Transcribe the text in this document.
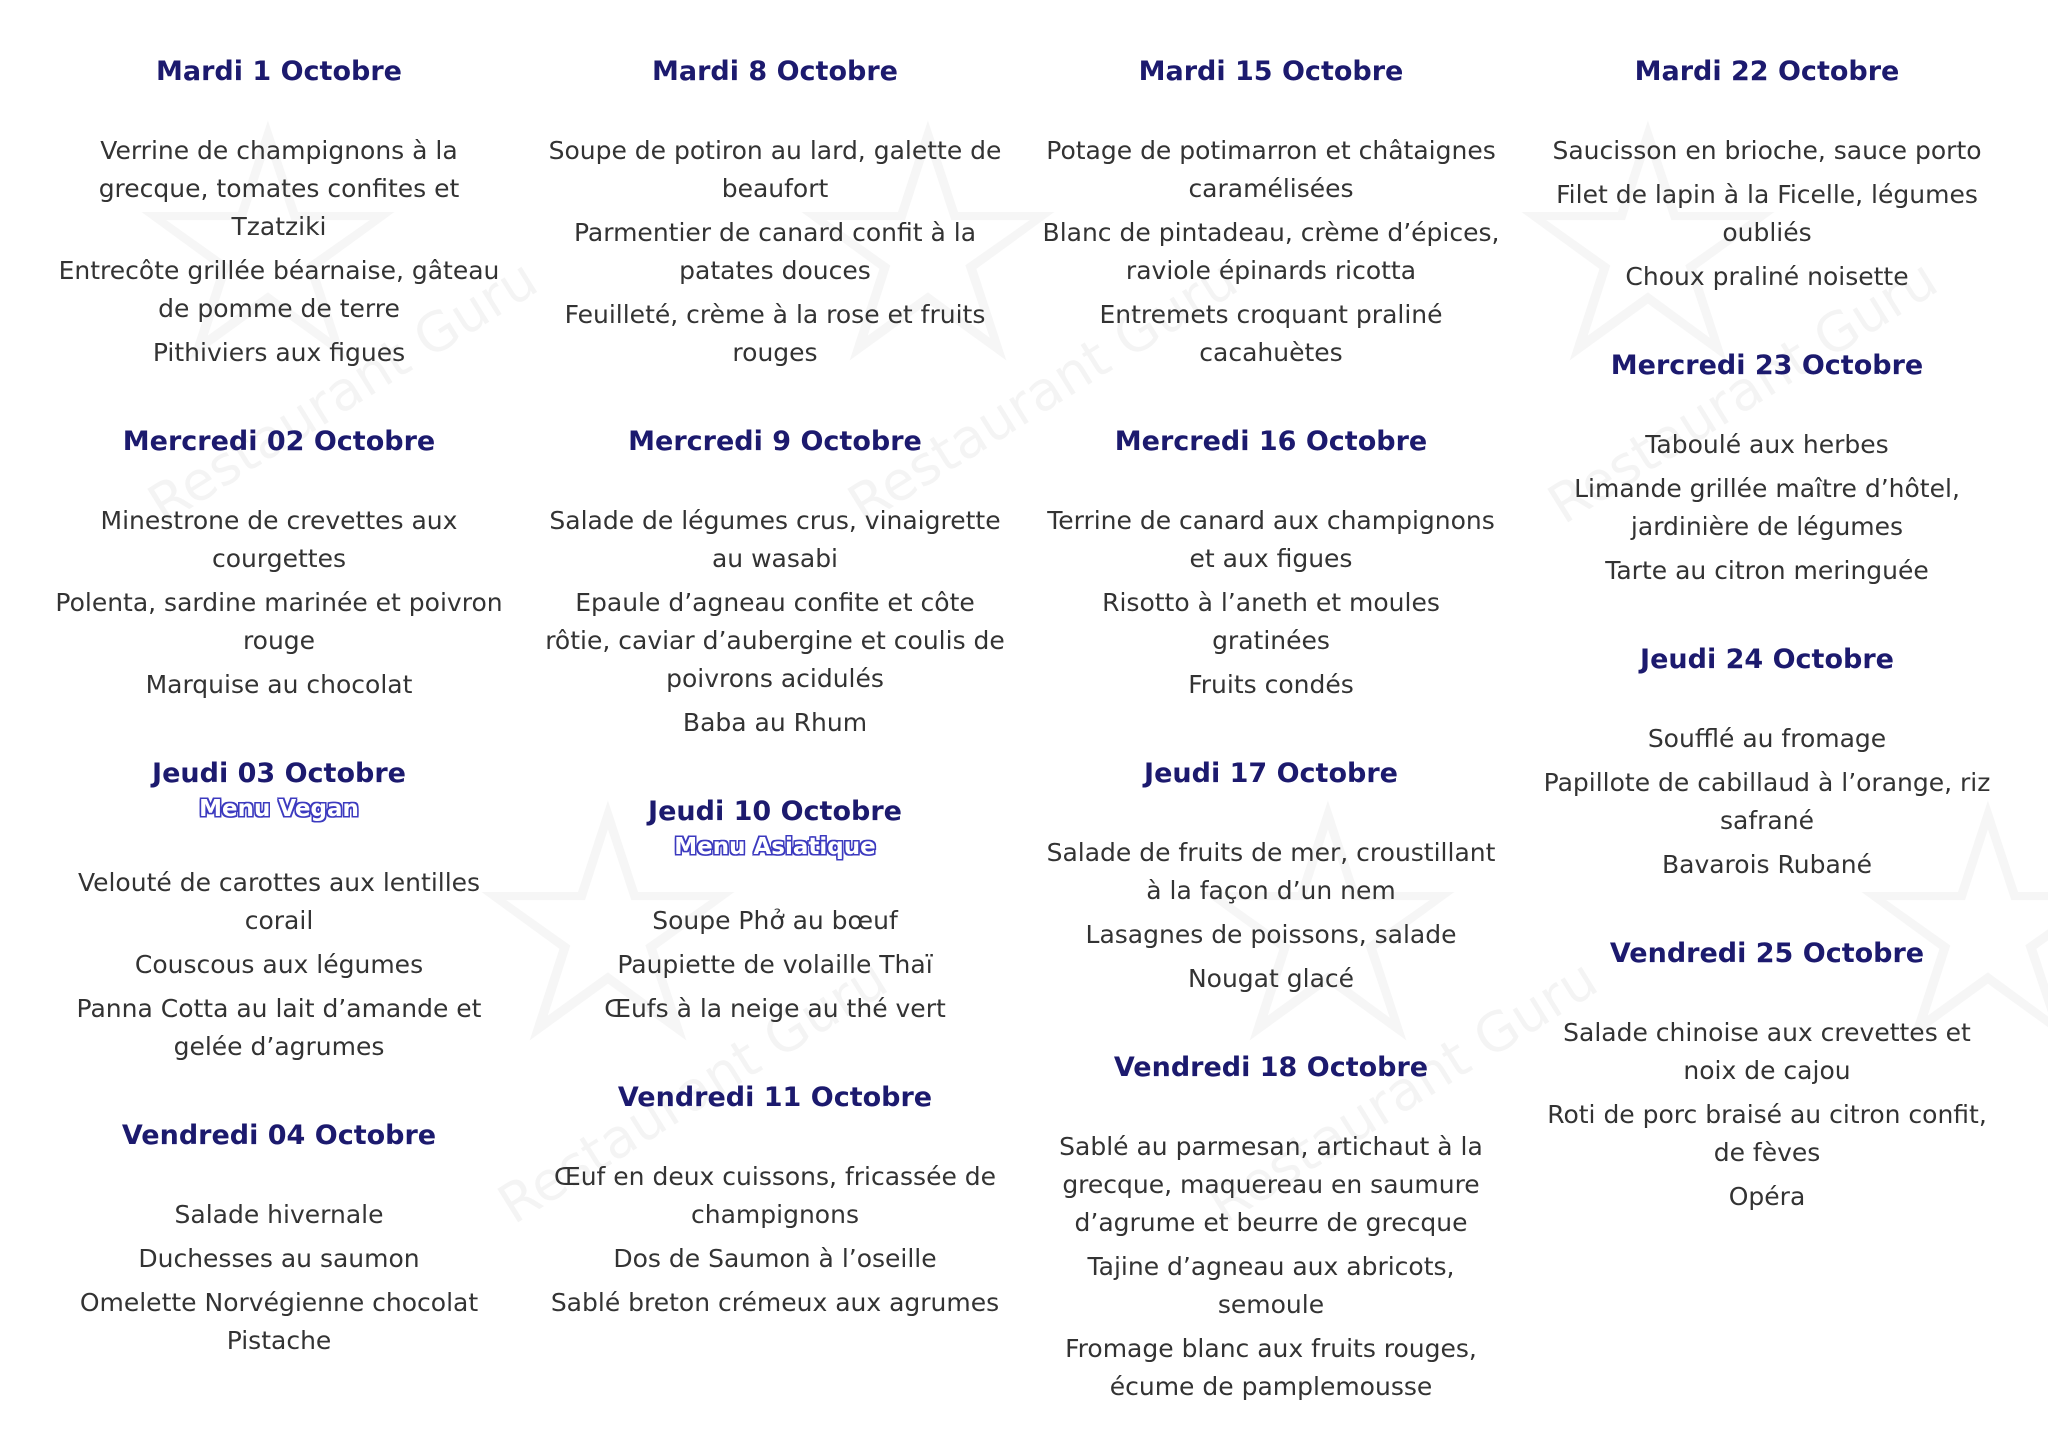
Mardi 1 Octobre

Verrine de champignons à la grecque, tomates confites et Tzatziki

Entrecôte grillée béarnaise, gâteau de pomme de terre

Pithiviers aux figues

Mercredi 02 Octobre

Minestrone de crevettes aux courgettes

Polenta, sardine marinée et poivron rouge

Marquise au chocolat

Jeudi 03 Octobre
Menu Vegan

Velouté de carottes aux lentilles corail

Couscous aux légumes

Panna Cotta au lait d’amande et gelée d’agrumes

Vendredi 04 Octobre

Salade hivernale

Duchesses au saumon

Omelette Norvégienne chocolat Pistache

Mardi 8 Octobre

Soupe de potiron au lard, galette de beaufort

Parmentier de canard confit à la patates douces

Feuilleté, crème à la rose et fruits rouges

Mercredi 9 Octobre

Salade de légumes crus, vinaigrette au wasabi

Epaule d’agneau confite et côte rôtie, caviar d’aubergine et coulis de poivrons acidulés

Baba au Rhum

Jeudi 10 Octobre
Menu Asiatique

Soupe Phở au bœuf

Paupiette de volaille Thaï

Œufs à la neige au thé vert

Vendredi 11 Octobre

Œuf en deux cuissons, fricassée de champignons

Dos de Saumon à l’oseille

Sablé breton crémeux aux agrumes

Mardi 15 Octobre

Potage de potimarron et châtaignes caramélisées

Blanc de pintadeau, crème d’épices, raviole épinards ricotta

Entremets croquant praliné cacahuètes

Mercredi 16 Octobre

Terrine de canard aux champignons et aux figues

Risotto à l’aneth et moules gratinées

Fruits condés

Jeudi 17 Octobre

Salade de fruits de mer, croustillant à la façon d’un nem

Lasagnes de poissons, salade

Nougat glacé

Vendredi 18 Octobre

Sablé au parmesan, artichaut à la grecque, maquereau en saumure d’agrume et beurre de grecque

Tajine d’agneau aux abricots, semoule

Fromage blanc aux fruits rouges, écume de pamplemousse

Mardi 22 Octobre

Saucisson en brioche, sauce porto

Filet de lapin à la Ficelle, légumes oubliés

Choux praliné noisette

Mercredi 23 Octobre

Taboulé aux herbes

Limande grillée maître d’hôtel, jardinière de légumes

Tarte au citron meringuée

Jeudi 24 Octobre

Soufflé au fromage

Papillote de cabillaud à l’orange, riz safrané

Bavarois Rubané

Vendredi 25 Octobre

Salade chinoise aux crevettes et noix de cajou

Roti de porc braisé au citron confit, de fèves

Opéra
